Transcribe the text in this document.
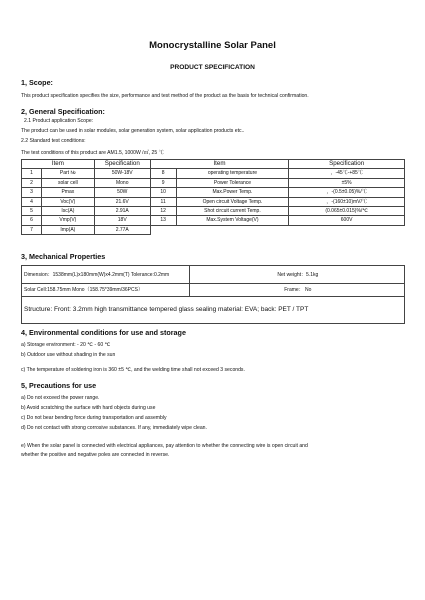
Monocrystalline Solar Panel
PRODUCT SPECIFICATION
1, Scope:
This product specification specifies the size, performance and test method of the product as the basis for technical confirmation.
2, General Specification:
2.1 Product application Scope:
The product can be used in solar modules, solar generation system, solar application products etc..
2.2 Standard test conditions:
The test conditions of this product are AM1.5, 1000W /㎡, 25 ℃
Item		Specification	Item		Specification
1	Part №	50W-18V	8	operating temperature	，-45℃-+85℃
2	solar cell	Mono	9	Power Tolerance	±5%
3	Pmax	50W	10	Max.Power Temp.	，-(0.5±0.05)%/℃
4	Voc(V)	21.6V	11	Open circuit Voltage Temp.	，-(160±10)mV/℃
5	Isc(A)	2.91A	12	Shot circuit current Temp.	(0.065±0.015)%/℃
6	Vmp(V)	18V	13	Max.System Voltage(V)	600V
7	Imp(A)	2.77A			
3, Mechanical Properties
Dimension：1538mm(L)x180mm(W)x4.2mm(T) Tolerance:0.2mm	Net weight：5.1kg
Solar Cell:158.75mm Mono（158.75*39mm/36PCS）	Frame： No
Structure: Front: 3.2mm high transmittance tempered glass sealing material: EVA; back: PET / TPT	
4, Environmental conditions for use and storage
a) Storage environment: - 20 ℃ - 60 ℃
b) Outdoor use without shading in the sun
c) The temperature of soldering iron is 360 ±5 ℃, and the welding time shall not exceed 3 seconds.
5, Precautions for use
a) Do not exceed the power range.
b) Avoid scratching the surface with hard objects during use
c) Do not bear bending force during transportation and assembly
d) Do not contact with strong corrosive substances. If any, immediately wipe clean.
e) When the solar panel is connected with electrical appliances, pay attention to whether the connecting wire is open circuit and
whether the positive and negative poles are connected in reverse.
